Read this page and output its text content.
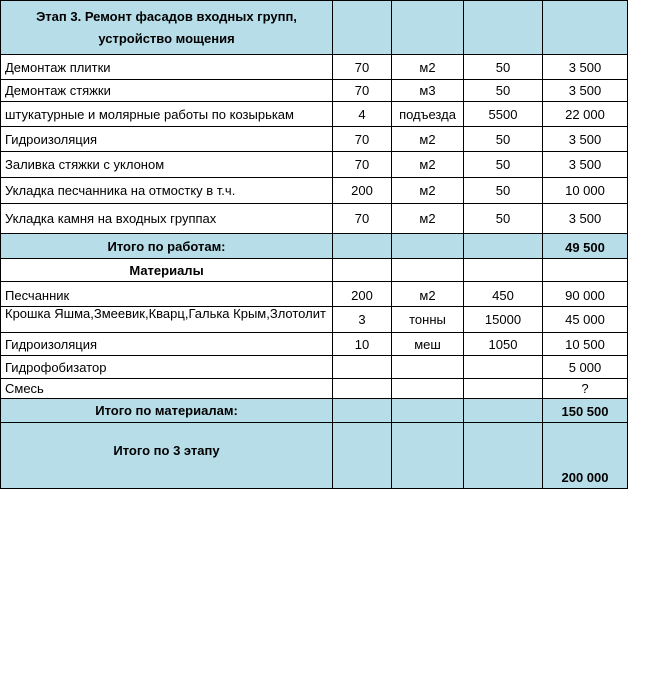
Этап 3. Ремонт фасадов входных групп, устройство мощения				
Демонтаж плитки	70	м2	50	3 500
Демонтаж стяжки	70	м3	50	3 500
штукатурные и молярные работы по козырькам	4	подъезда	5500	22 000
Гидроизоляция	70	м2	50	3 500
Заливка стяжки с уклоном	70	м2	50	3 500
Укладка песчанника на отмостку в т.ч.	200	м2	50	10 000
Укладка камня на входных группах	70	м2	50	3 500
Итого по работам:				49 500
Материалы				
Песчанник	200	м2	450	90 000

Крошка Яшма,Змеевик,Кварц,Галька Крым,Злотолит	3	тонны	15000	45 000
Гидроизоляция	10	меш	1050	10 500
Гидрофобизатор				5 000
Смесь				?
Итого по материалам:				150 500
Итого по 3 этапу				200 000
